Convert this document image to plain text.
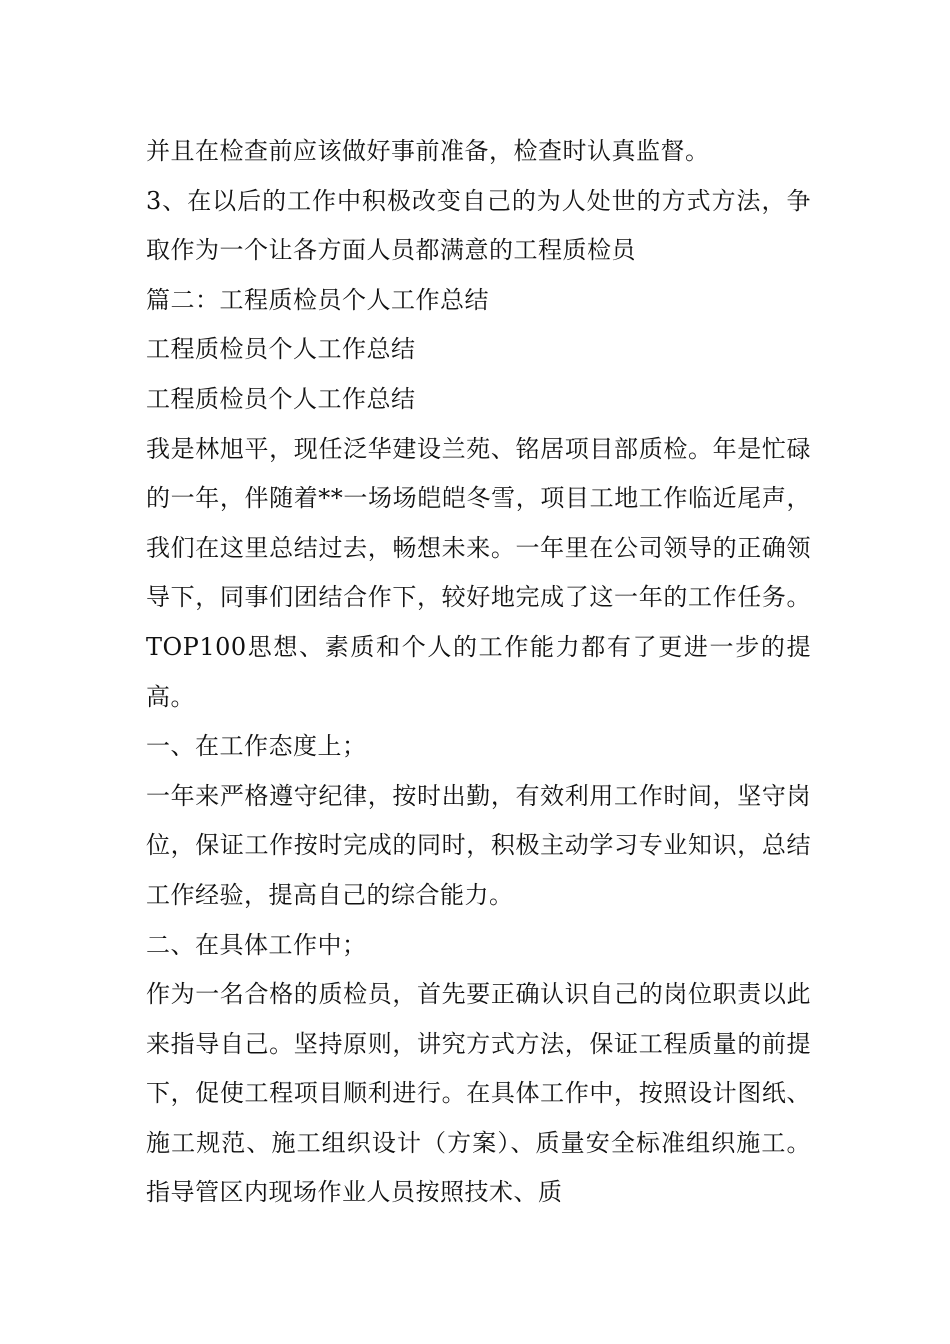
并且在检查前应该做好事前准备，检查时认真监督。

3、在以后的工作中积极改变自己的为人处世的方式方法，争取作为一个让各方面人员都满意的工程质检员

篇二：工程质检员个人工作总结

工程质检员个人工作总结

工程质检员个人工作总结

我是林旭平，现任泛华建设兰苑、铭居项目部质检。年是忙碌的一年，伴随着**一场场皑皑冬雪，项目工地工作临近尾声，我们在这里总结过去，畅想未来。一年里在公司领导的正确领导下，同事们团结合作下，较好地完成了这一年的工作任务。TOP100思想、素质和个人的工作能力都有了更进一步的提高。

一、在工作态度上；

一年来严格遵守纪律，按时出勤，有效利用工作时间，坚守岗位，保证工作按时完成的同时，积极主动学习专业知识，总结工作经验，提高自己的综合能力。

二、在具体工作中；

作为一名合格的质检员，首先要正确认识自己的岗位职责以此来指导自己。坚持原则，讲究方式方法，保证工程质量的前提下，促使工程项目顺利进行。在具体工作中，按照设计图纸、施工规范、施工组织设计（方案）、质量安全标准组织施工。指导管区内现场作业人员按照技术、质
